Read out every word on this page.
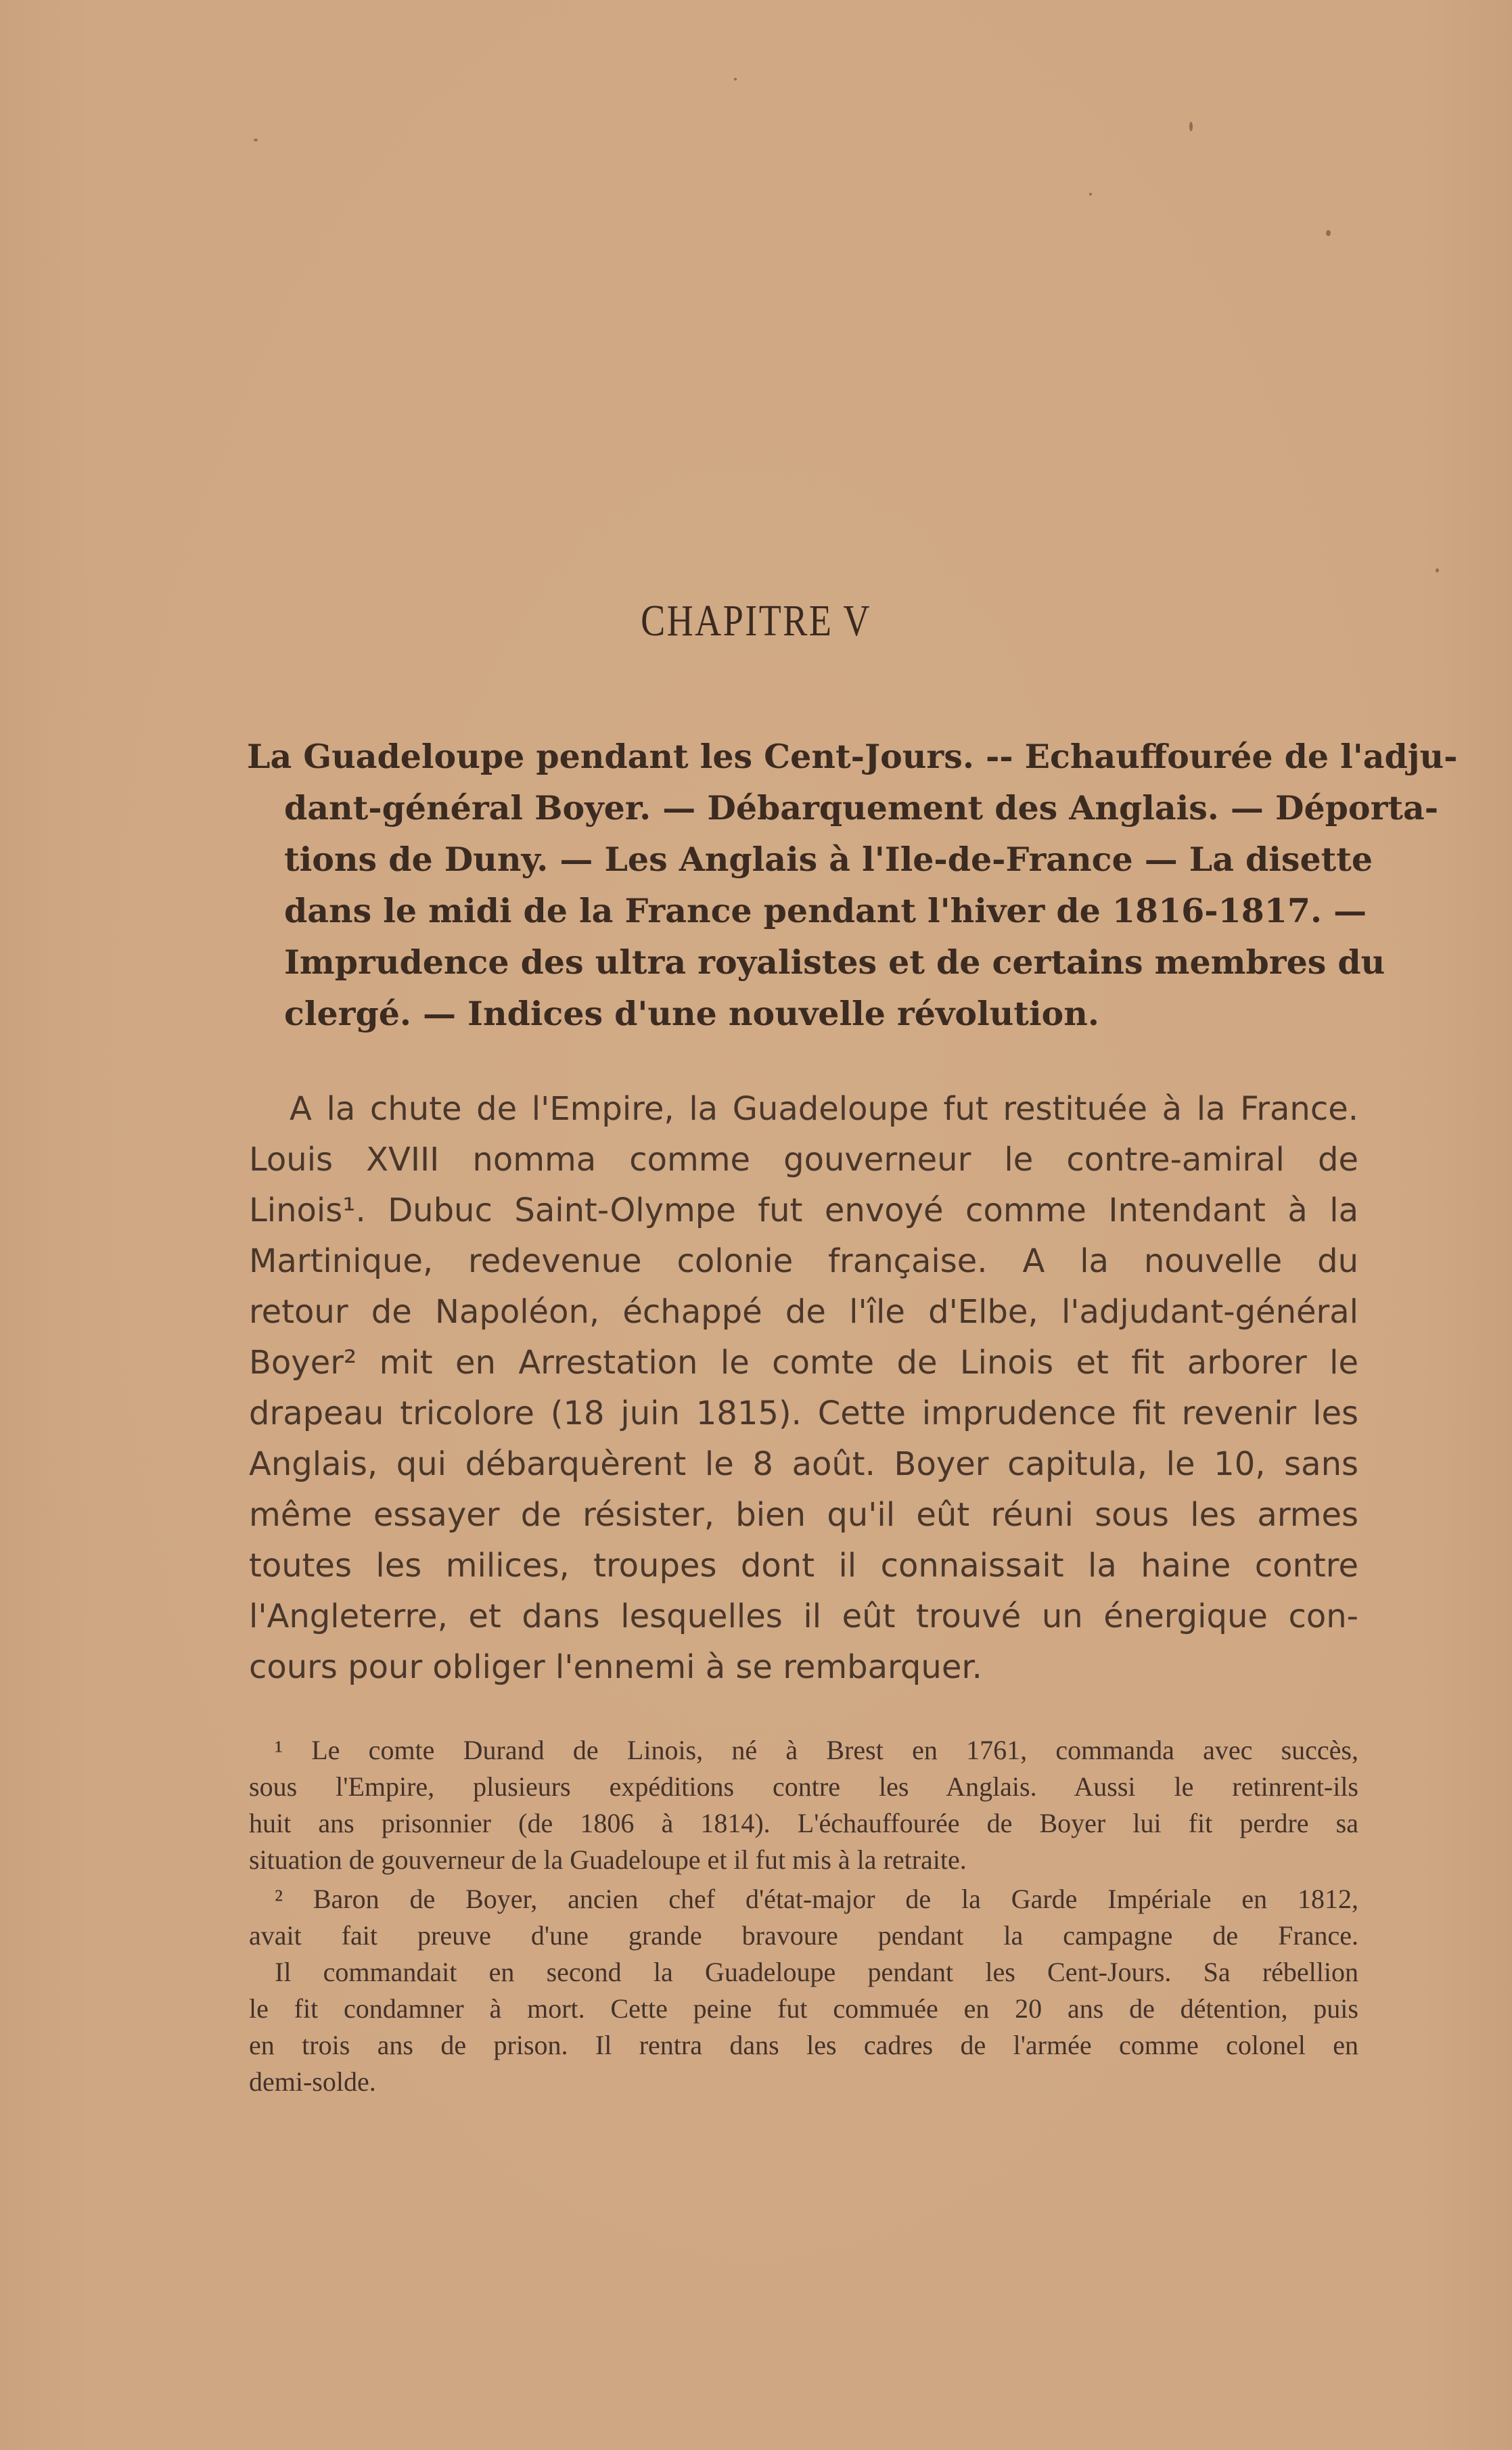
CHAPITRE V
La Guadeloupe pendant les Cent-Jours. -- Echauffourée de l'adju-
dant-général Boyer. — Débarquement des Anglais. — Déporta-
tions de Duny. — Les Anglais à l'Ile-de-France — La disette
dans le midi de la France pendant l'hiver de 1816-1817. —
Imprudence des ultra royalistes et de certains membres du
clergé. — Indices d'une nouvelle révolution.
A la chute de l'Empire, la Guadeloupe fut restituée à la France.
Louis XVIII nomma comme gouverneur le contre-amiral de
Linois¹. Dubuc Saint-Olympe fut envoyé comme Intendant à la
Martinique, redevenue colonie française. A la nouvelle du
retour de Napoléon, échappé de l'île d'Elbe, l'adjudant-général
Boyer² mit en Arrestation le comte de Linois et fit arborer le
drapeau tricolore (18 juin 1815). Cette imprudence fit revenir les
Anglais, qui débarquèrent le 8 août. Boyer capitula, le 10, sans
même essayer de résister, bien qu'il eût réuni sous les armes
toutes les milices, troupes dont il connaissait la haine contre
l'Angleterre, et dans lesquelles il eût trouvé un énergique con-
cours pour obliger l'ennemi à se rembarquer.
¹ Le comte Durand de Linois, né à Brest en 1761, commanda avec succès,
sous l'Empire, plusieurs expéditions contre les Anglais. Aussi le retinrent-ils
huit ans prisonnier (de 1806 à 1814). L'échauffourée de Boyer lui fit perdre sa
situation de gouverneur de la Guadeloupe et il fut mis à la retraite.
² Baron de Boyer, ancien chef d'état-major de la Garde Impériale en 1812,
avait fait preuve d'une grande bravoure pendant la campagne de France.
Il commandait en second la Guadeloupe pendant les Cent-Jours. Sa rébellion
le fit condamner à mort. Cette peine fut commuée en 20 ans de détention, puis
en trois ans de prison. Il rentra dans les cadres de l'armée comme colonel en
demi-solde.
